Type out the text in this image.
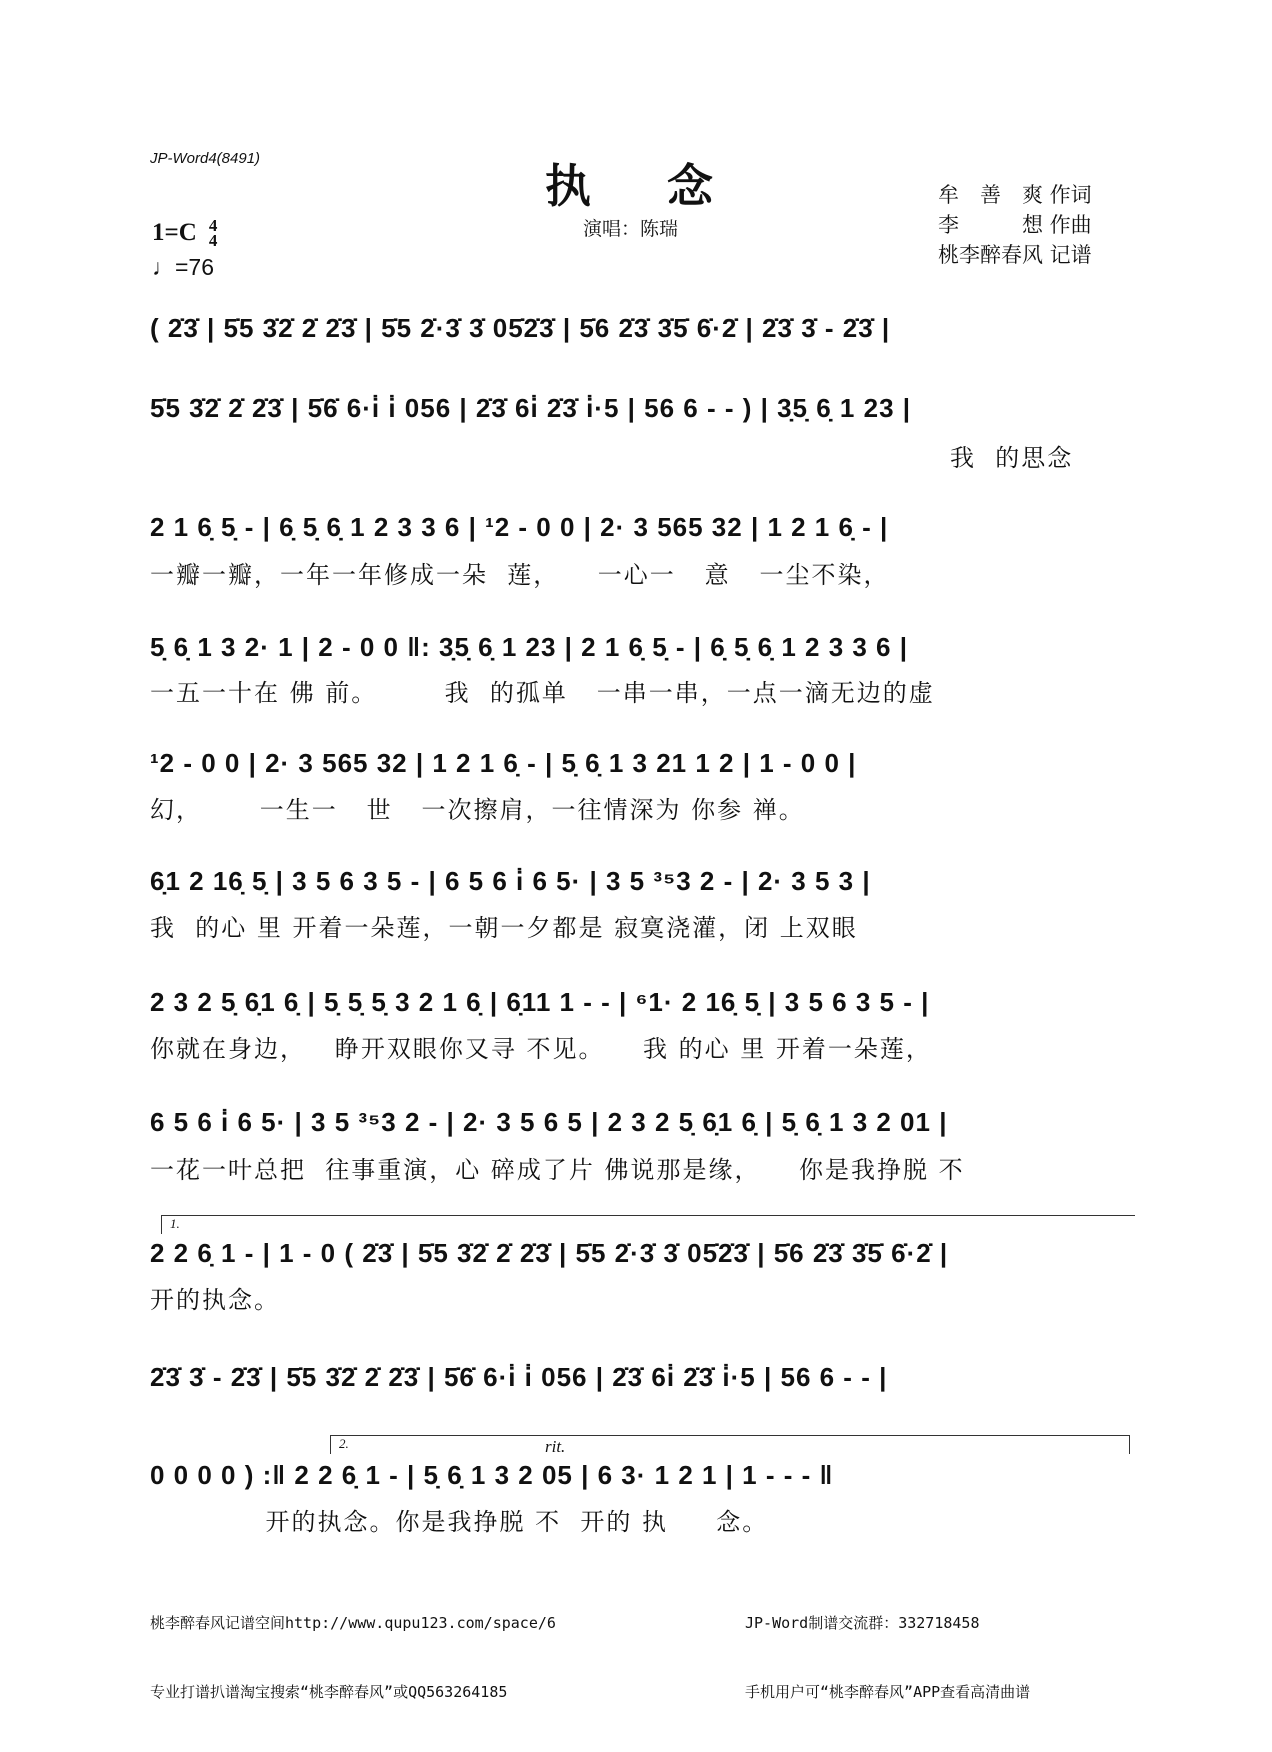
JP-Word4(8491)
执念
演唱：陈瑞
牟　善　爽 作词
李　　　想 作曲
桃李醉春风 记谱
1=C 4
4
♩=76
( 2̇3̇ | 5̇5 3̇2̇ 2̇ 2̇3̇ | 5̇5 2̇·3̇ 3̇ 05̇2̇3̇ | 5̇6 2̇3̇ 3̇5̇ 6̇·2̇ | 2̇3̇ 3̇ - 2̇3̇ |
5̇5 3̇2̇ 2̇ 2̇3̇ | 5̇6̇ 6·i̇ i̇ 056 | 2̇3̇ 6i̇ 2̇3̇ i̇·5 | 56 6 - - ) | 3̣5̣ 6̣ 1 23 |
我  的思念
2 1 6̣ 5̣ - | 6̣ 5̣ 6̣ 1 2 3 3 6 | ¹2 - 0 0 | 2· 3 565 32 | 1 2 1 6̣ - |
一瓣一瓣，一年一年修成一朵  莲，    一心一   意   一尘不染，
5̣ 6̣ 1 3 2· 1 | 2 - 0 0 ‖: 3̣5̣ 6̣ 1 23 | 2 1 6̣ 5̣ - | 6̣ 5̣ 6̣ 1 2 3 3 6 |
一五一十在 佛 前。       我  的孤单   一串一串，一点一滴无边的虚
¹2 - 0 0 | 2· 3 565 32 | 1 2 1 6̣ - | 5̣ 6̣ 1 3 21 1 2 | 1 - 0 0 |
幻，      一生一   世   一次擦肩，一往情深为 你参 禅。
6̣1 2 16̣ 5̣ | 3 5 6 3 5 - | 6 5 6 i̇ 6 5· | 3 5 ³⁵3 2 - | 2· 3 5 3 |
我  的心 里 开着一朵莲，一朝一夕都是 寂寞浇灌，闭 上双眼
2 3 2 5̣ 6̣1 6̣ | 5̣ 5̣ 5̣ 3 2 1 6̣ | 6̣11 1 - - | ⁶1· 2 16̣ 5̣ | 3 5 6 3 5 - |
你就在身边，   睁开双眼你又寻 不见。    我 的心 里 开着一朵莲，
6 5 6 i̇ 6 5· | 3 5 ³⁵3 2 - | 2· 3 5 6 5 | 2 3 2 5̣ 6̣1 6̣ | 5̣ 6̣ 1 3 2 01 |
一花一叶总把  往事重演，心 碎成了片 佛说那是缘，    你是我挣脱 不
1.
2 2 6̣ 1 - | 1 - 0 ( 2̇3̇ | 5̇5 3̇2̇ 2̇ 2̇3̇ | 5̇5 2̇·3̇ 3̇ 05̇2̇3̇ | 5̇6 2̇3̇ 3̇5̇ 6̇·2̇ |
开的执念。
2̇3̇ 3̇ - 2̇3̇ | 5̇5 3̇2̇ 2̇ 2̇3̇ | 5̇6̇ 6·i̇ i̇ 056 | 2̇3̇ 6i̇ 2̇3̇ i̇·5 | 56 6 - - |
2.	rit.
0 0 0 0 ) :‖ 2 2 6̣ 1 - | 5̣ 6̣ 1 3 2 05 | 6 3· 1 2 1 | 1 - - - ‖
开的执念。你是我挣脱 不  开的 执     念。

桃李醉春风记谱空间http://www.qupu123.com/space/6

专业打谱扒谱淘宝搜索“桃李醉春风”或QQ563264185

JP-Word制谱交流群：332718458

手机用户可“桃李醉春风”APP查看高清曲谱
